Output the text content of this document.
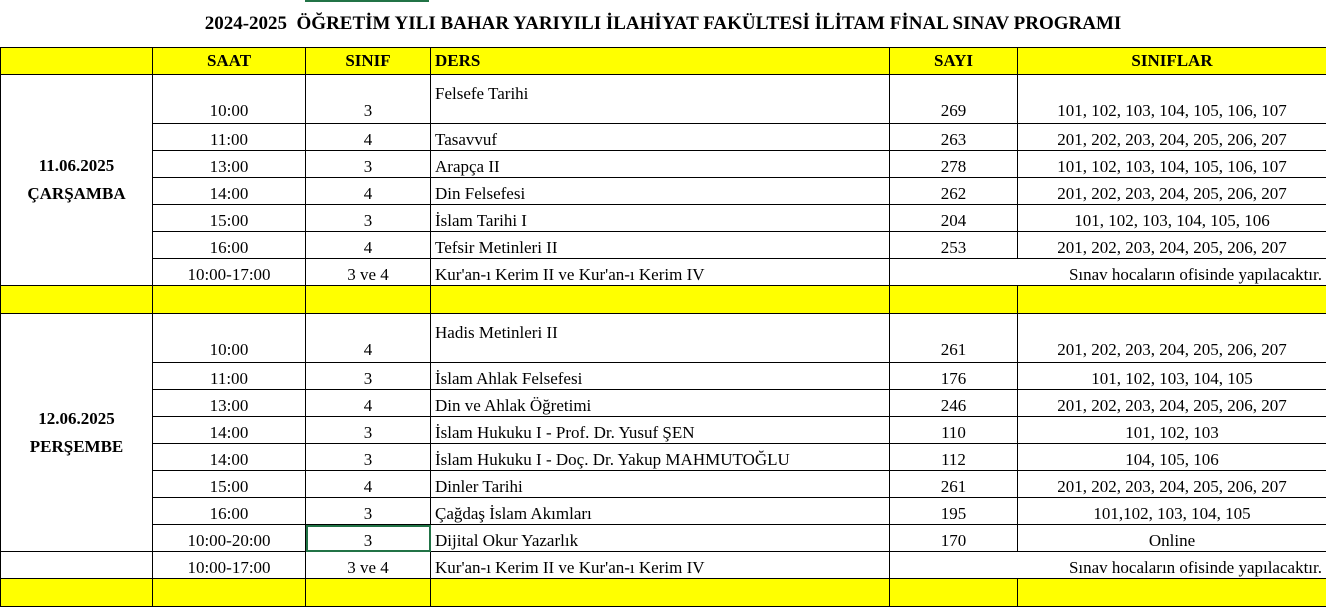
2024-2025  ÖĞRETİM YILI BAHAR YARIYILI İLAHİYAT FAKÜLTESİ İLİTAM FİNAL SINAV PROGRAMI
	SAAT	SINIF	DERS	SAYI	SINIFLAR
11.06.2025
ÇARŞAMBA	10:00	3	Felsefe Tarihi	269	101, 102, 103, 104, 105, 106, 107
	11:00	4	Tasavvuf	263	201, 202, 203, 204, 205, 206, 207
	13:00	3	Arapça II	278	101, 102, 103, 104, 105, 106, 107
	14:00	4	Din Felsefesi	262	201, 202, 203, 204, 205, 206, 207
	15:00	3	İslam Tarihi I	204	101, 102, 103, 104, 105, 106
	16:00	4	Tefsir Metinleri II	253	201, 202, 203, 204, 205, 206, 207
	10:00-17:00	3 ve 4	Kur'an-ı Kerim II ve Kur'an-ı Kerim IV	Sınav hocaların ofisinde yapılacaktır.	

12.06.2025
PERŞEMBE	10:00	4	Hadis Metinleri II	261	201, 202, 203, 204, 205, 206, 207
	11:00	3	İslam Ahlak Felsefesi	176	101, 102, 103, 104, 105
	13:00	4	Din ve Ahlak Öğretimi	246	201, 202, 203, 204, 205, 206, 207
	14:00	3	İslam Hukuku I - Prof. Dr. Yusuf ŞEN	110	101, 102, 103
	14:00	3	İslam Hukuku I - Doç. Dr. Yakup MAHMUTOĞLU	112	104, 105, 106
	15:00	4	Dinler Tarihi	261	201, 202, 203, 204, 205, 206, 207
	16:00	3	Çağdaş İslam Akımları	195	101,102, 103, 104, 105
	10:00-20:00	3	Dijital Okur Yazarlık	170	Online
	10:00-17:00	3 ve 4	Kur'an-ı Kerim II ve Kur'an-ı Kerim IV	Sınav hocaların ofisinde yapılacaktır.	
